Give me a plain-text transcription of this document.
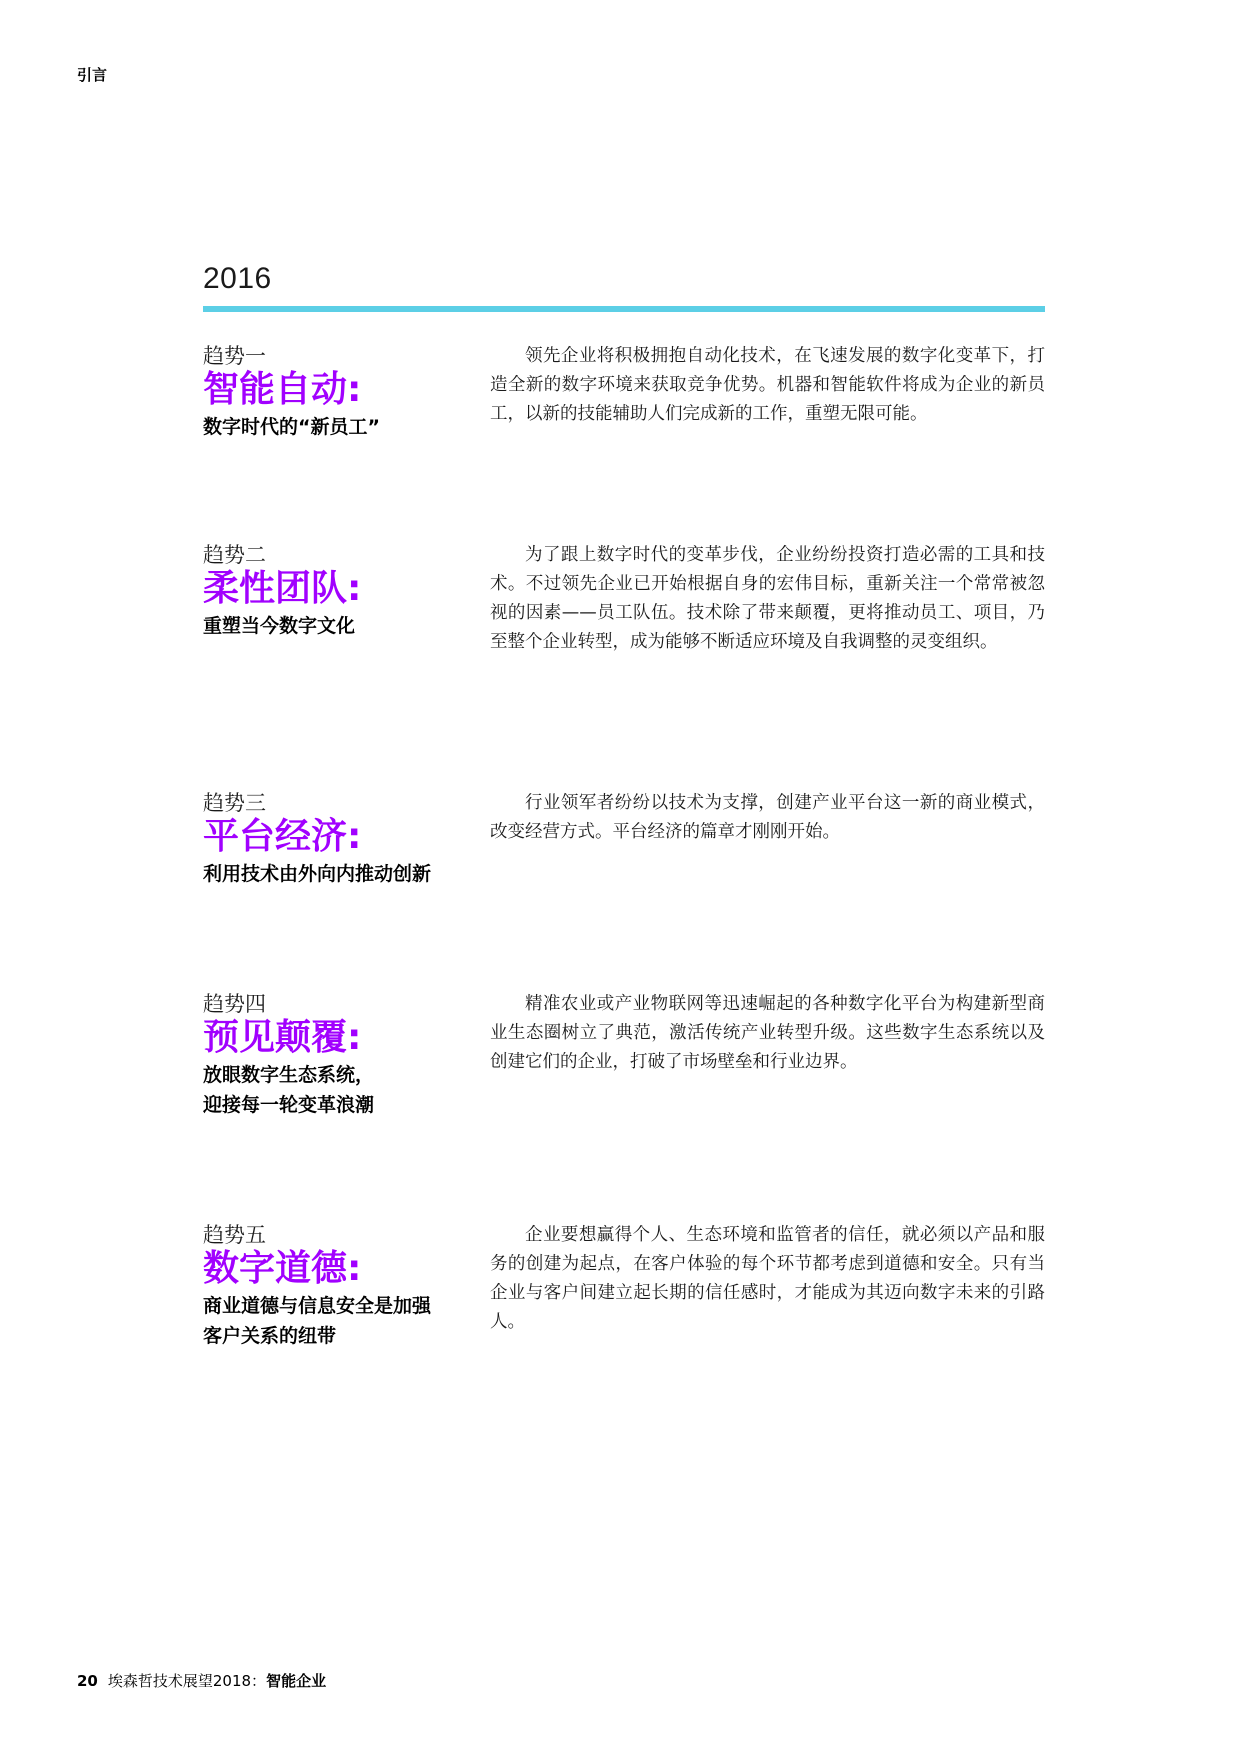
引言
2016
趋势一
智能自动:
数字时代的“新员工”
领先企业将积极拥抱自动化技术，在飞速发展的数字化变革下，打造全新的数字环境来获取竞争优势。机器和智能软件将成为企业的新员工，以新的技能辅助人们完成新的工作，重塑无限可能。
趋势二
柔性团队:
重塑当今数字文化
为了跟上数字时代的变革步伐，企业纷纷投资打造必需的工具和技术。不过领先企业已开始根据自身的宏伟目标，重新关注一个常常被忽视的因素——员工队伍。技术除了带来颠覆，更将推动员工、项目，乃至整个企业转型，成为能够不断适应环境及自我调整的灵变组织。
趋势三
平台经济:
利用技术由外向内推动创新
行业领军者纷纷以技术为支撑，创建产业平台这一新的商业模式，改变经营方式。平台经济的篇章才刚刚开始。
趋势四
预见颠覆:
放眼数字生态系统，
迎接每一轮变革浪潮
精准农业或产业物联网等迅速崛起的各种数字化平台为构建新型商业生态圈树立了典范，激活传统产业转型升级。这些数字生态系统以及创建它们的企业，打破了市场壁垒和行业边界。
趋势五
数字道德:
商业道德与信息安全是加强
客户关系的纽带
企业要想赢得个人、生态环境和监管者的信任，就必须以产品和服务的创建为起点，在客户体验的每个环节都考虑到道德和安全。只有当企业与客户间建立起长期的信任感时，才能成为其迈向数字未来的引路人。
20 埃森哲技术展望2018：智能企业
